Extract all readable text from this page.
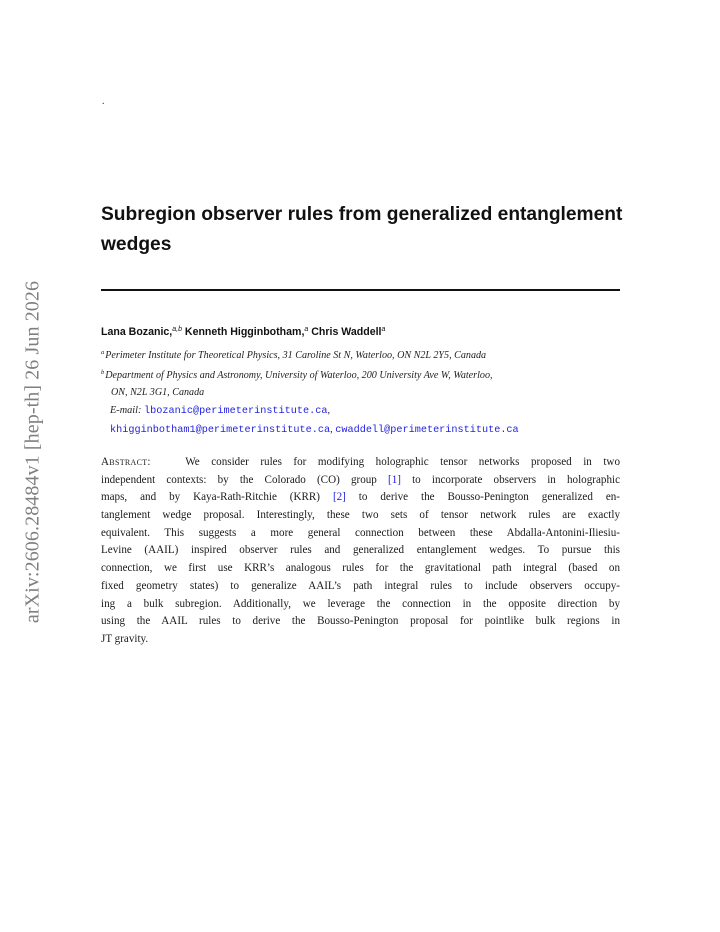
arXiv:2606.28484v1 [hep-th] 26 Jun 2026
.
Subregion observer rules from generalized entanglement
wedges
Lana Bozanic,$^{a,b}$ Kenneth Higginbotham,$^a$ Chris Waddell$^a$
$^a$Perimeter Institute for Theoretical Physics, 31 Caroline St N, Waterloo, ON N2L 2Y5, Canada
$^b$Department of Physics and Astronomy, University of Waterloo, 200 University Ave W, Waterloo,
ON, N2L 3G1, Canada
E-mail: lbozanic@perimeterinstitute.ca,
khigginbotham1@perimeterinstitute.ca, cwaddell@perimeterinstitute.ca
Abstract:	We consider rules for modifying holographic tensor networks proposed in two
independent contexts: by the Colorado (CO) group [1] to incorporate observers in holographic
maps, and by Kaya-Rath-Ritchie (KRR) [2] to derive the Bousso-Penington generalized en-
tanglement wedge proposal. Interestingly, these two sets of tensor network rules are exactly
equivalent. This suggests a more general connection between these Abdalla-Antonini-Iliesiu-
Levine (AAIL) inspired observer rules and generalized entanglement wedges. To pursue this
connection, we first use KRR’s analogous rules for the gravitational path integral (based on
fixed geometry states) to generalize AAIL’s path integral rules to include observers occupy-
ing a bulk subregion. Additionally, we leverage the connection in the opposite direction by
using the AAIL rules to derive the Bousso-Penington proposal for pointlike bulk regions in
JT gravity.
